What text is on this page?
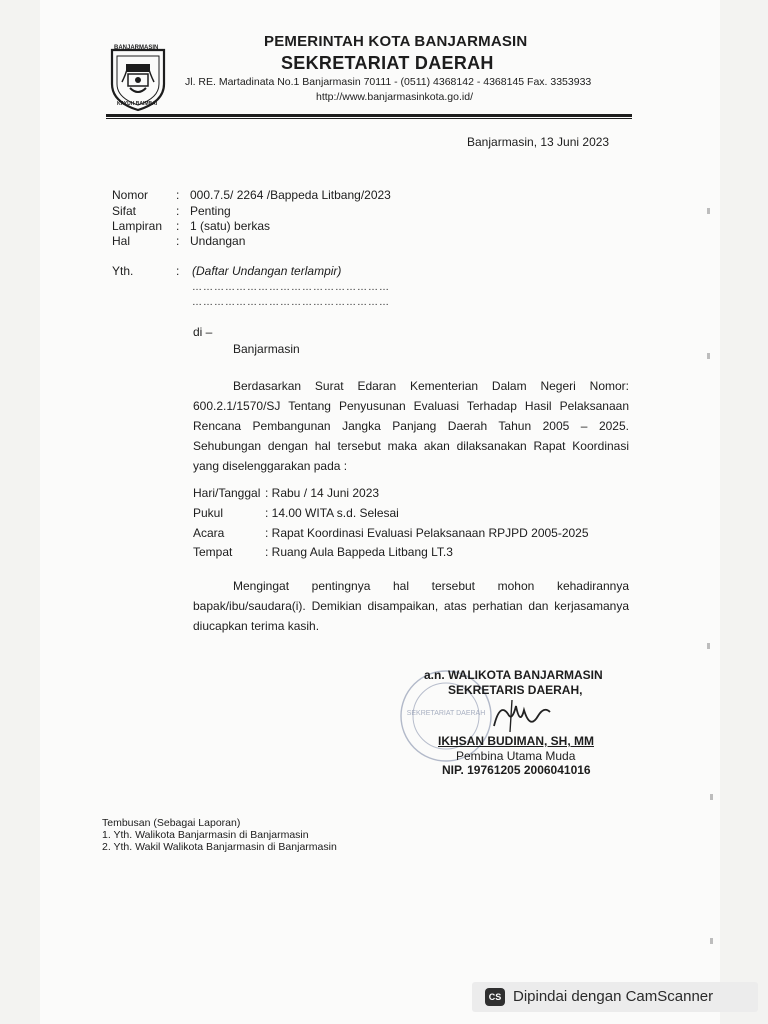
BANJARMASIN
KAYUH BAIMBAI
PEMERINTAH KOTA BANJARMASIN
SEKRETARIAT DAERAH
Jl. RE. Martadinata No.1 Banjarmasin 70111 - (0511) 4368142 - 4368145 Fax. 3353933
http://www.banjarmasinkota.go.id/
Banjarmasin, 13 Juni 2023
Nomor : 000.7.5/ 2264 /Bappeda Litbang/2023
Sifat	: Penting
Lampiran : 1 (satu) berkas
Hal	: Undangan
Yth.	: (Daftar Undangan terlampir)
………………………………………………
………………………………………………
di –
Banjarmasin
Berdasarkan Surat Edaran Kementerian Dalam Negeri Nomor: 600.2.1/1570/SJ Tentang Penyusunan Evaluasi Terhadap Hasil Pelaksanaan Rencana Pembangunan Jangka Panjang Daerah Tahun 2005 – 2025. Sehubungan dengan hal tersebut maka akan dilaksanakan Rapat Koordinasi yang diselenggarakan pada :
Hari/Tanggal : Rabu / 14 Juni 2023
Pukul	: 14.00 WITA s.d. Selesai
Acara	: Rapat Koordinasi Evaluasi Pelaksanaan RPJPD 2005-2025
Tempat	: Ruang Aula Bappeda Litbang LT.3
Mengingat pentingnya hal tersebut mohon kehadirannya bapak/ibu/saudara(i). Demikian disampaikan, atas perhatian dan kerjasamanya diucapkan terima kasih.
SEKRETARIAT DAERAH
a.n. WALIKOTA BANJARMASIN
SEKRETARIS DAERAH,
IKHSAN BUDIMAN, SH, MM
Pembina Utama Muda
NIP. 19761205 2006041016
Tembusan (Sebagai Laporan)
1. Yth. Walikota Banjarmasin di Banjarmasin
2. Yth. Wakil Walikota Banjarmasin di Banjarmasin
CS Dipindai dengan CamScanner
